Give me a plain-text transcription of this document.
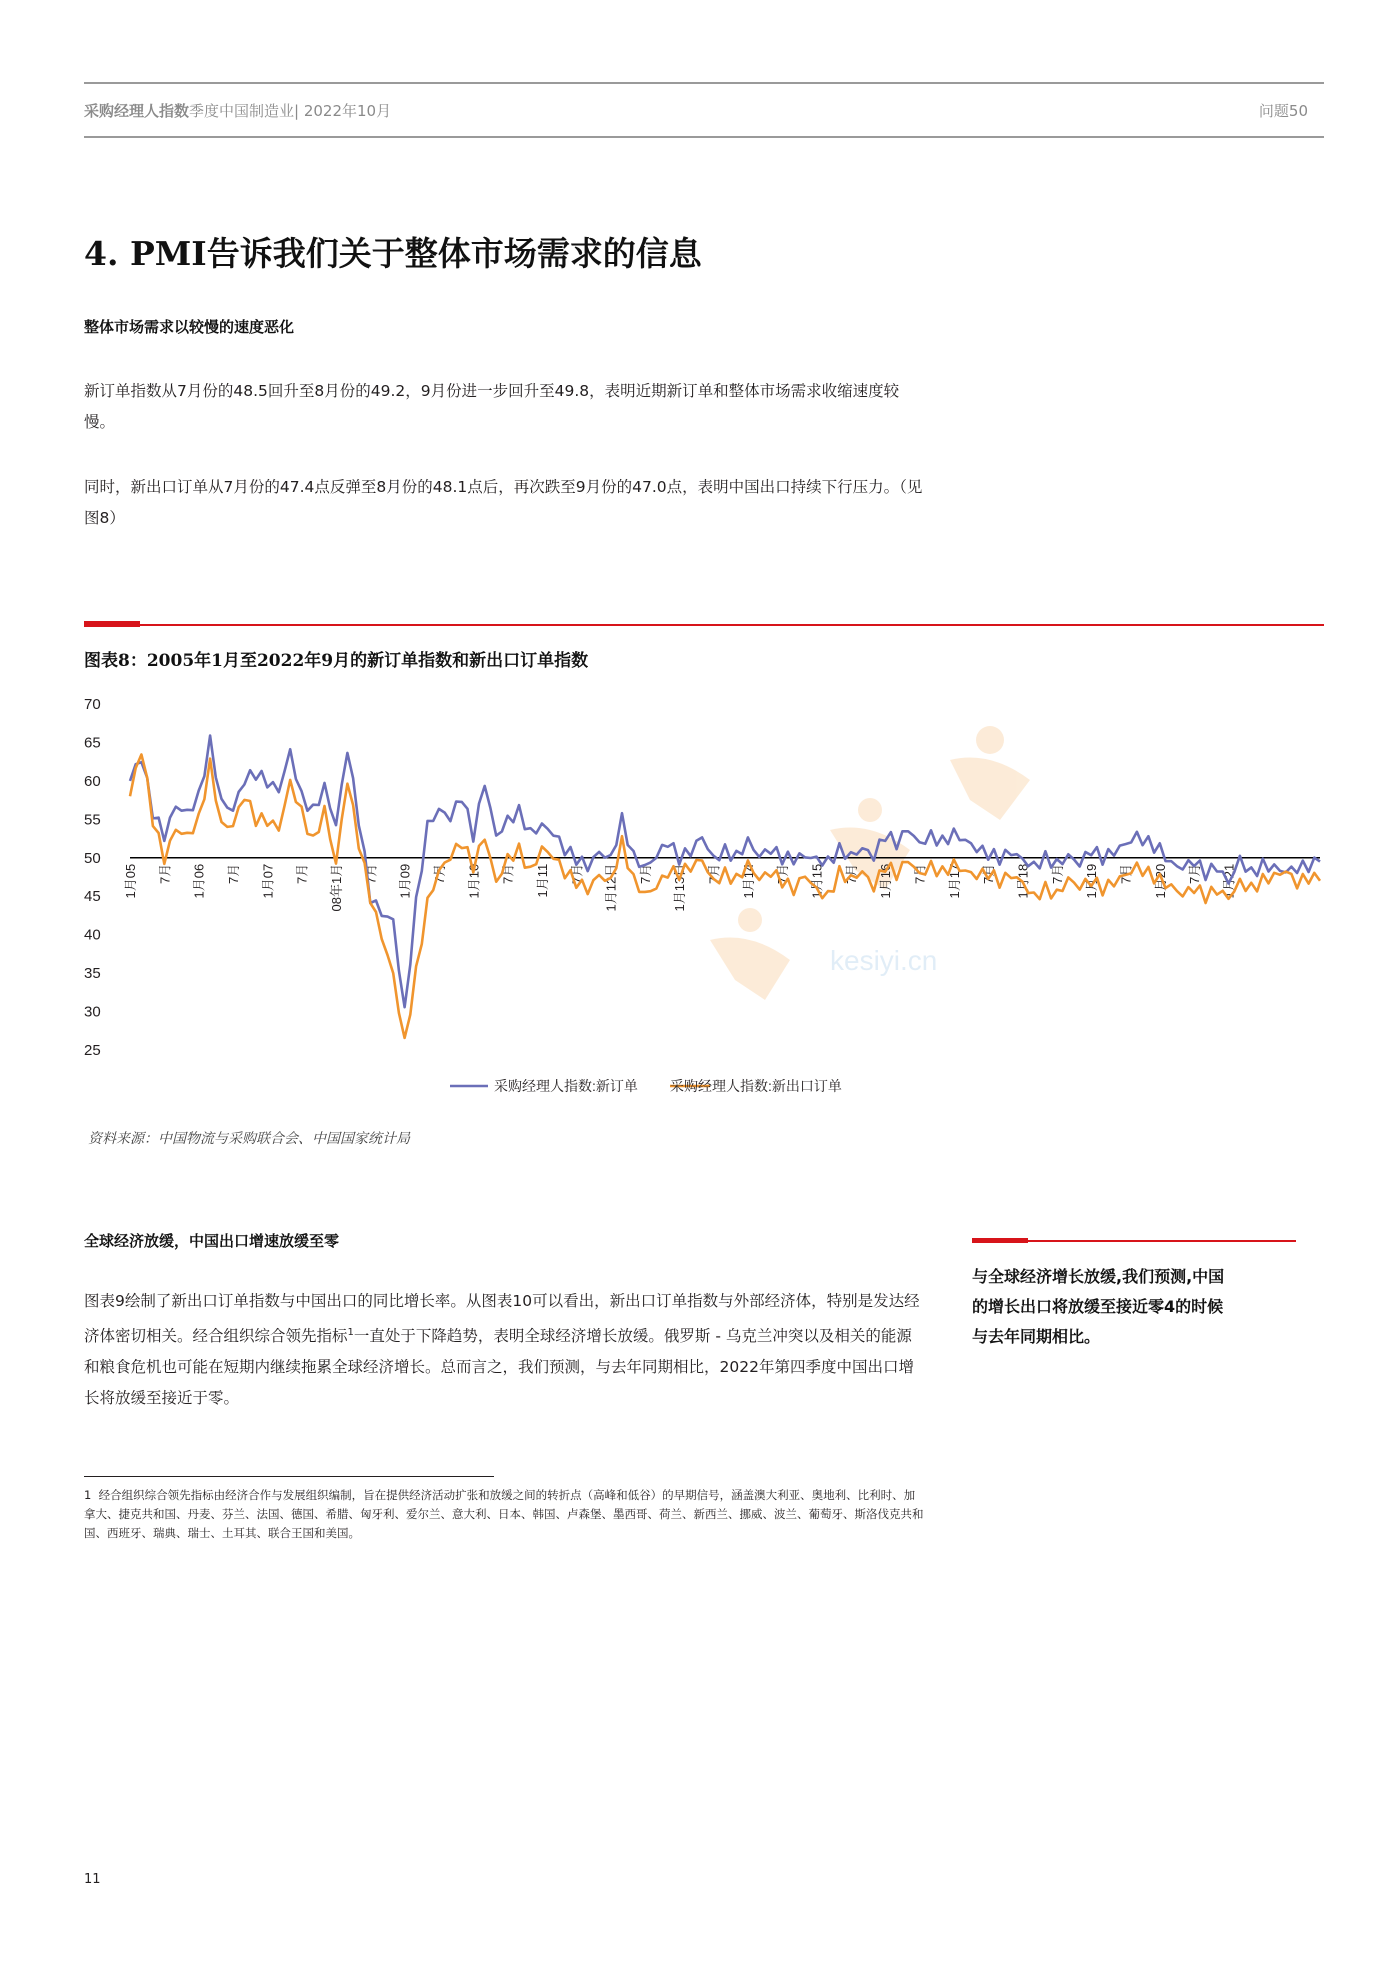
采购经理人指数季度中国制造业| 2022年10月	问题50
4. PMI告诉我们关于整体市场需求的信息
整体市场需求以较慢的速度恶化
新订单指数从7月份的48.5回升至8月份的49.2，9月份进一步回升至49.8，表明近期新订单和整体市场需求收缩速度较慢。
同时，新出口订单从7月份的47.4点反弹至8月份的48.1点后，再次跌至9月份的47.0点，表明中国出口持续下行压力。（见图8）
图表8：2005年1月至2022年9月的新订单指数和新出口订单指数
kesiyi.cn
70
65
60
55
50
45
40
35
30
25
1月05 7月 1月06 7月 1月07 7月 08年1月 7月 1月09 7月 1月10 7月 1月11 7月 1月12日 7月 1月13日 7月 1月14 7月 1月15 7月 1月16 7月 1月17 7月 1月18 7月 1月19 7月 1月20 7月 1月21
采购经理人指数:新订单 采购经理人指数:新出口订单
资料来源：中国物流与采购联合会、中国国家统计局
全球经济放缓，中国出口增速放缓至零
图表9绘制了新出口订单指数与中国出口的同比增长率。从图表10可以看出，新出口订单指数与外部经济体，特别是发达经济体密切相关。经合组织综合领先指标$^1$一直处于下降趋势，表明全球经济增长放缓。俄罗斯 - 乌克兰冲突以及相关的能源和粮食危机也可能在短期内继续拖累全球经济增长。总而言之，我们预测，与去年同期相比，2022年第四季度中国出口增长将放缓至接近于零。
与全球经济增长放缓,我们预测,中国的增长出口将放缓至接近零4的时候与去年同期相比。
1 经合组织综合领先指标由经济合作与发展组织编制，旨在提供经济活动扩张和放缓之间的转折点（高峰和低谷）的早期信号，涵盖澳大利亚、奥地利、比利时、加拿大、捷克共和国、丹麦、芬兰、法国、德国、希腊、匈牙利、爱尔兰、意大利、日本、韩国、卢森堡、墨西哥、荷兰、新西兰、挪威、波兰、葡萄牙、斯洛伐克共和国、西班牙、瑞典、瑞士、土耳其、联合王国和美国。
11
